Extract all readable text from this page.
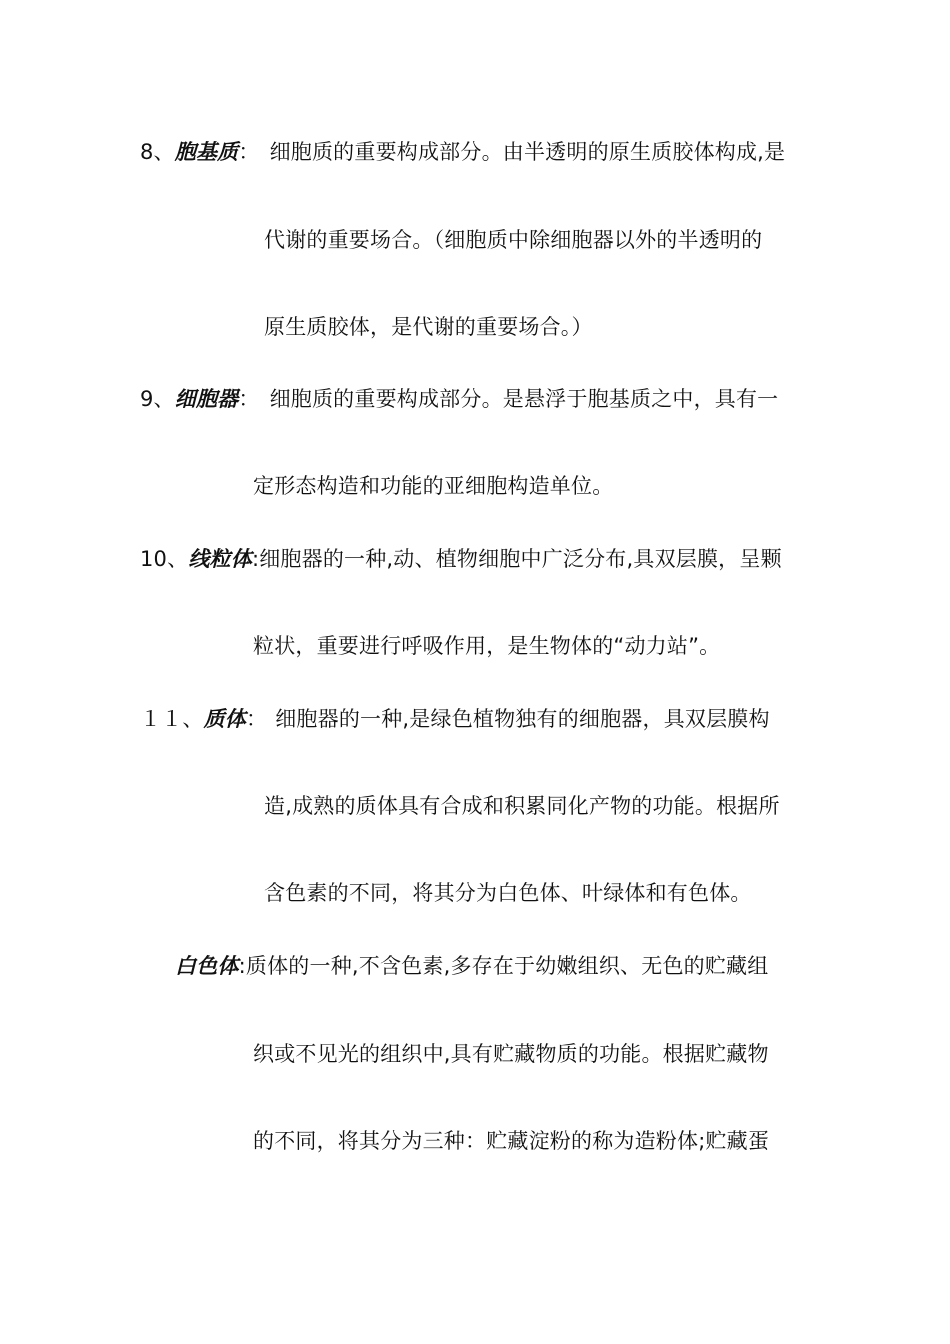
8、胞基质： 细胞质的重要构成部分。由半透明的原生质胶体构成,是
代谢的重要场合。（细胞质中除细胞器以外的半透明的
原生质胶体，是代谢的重要场合。）
9、细胞器： 细胞质的重要构成部分。是悬浮于胞基质之中，具有一
定形态构造和功能的亚细胞构造单位。
10、线粒体:细胞器的一种,动、植物细胞中广泛分布,具双层膜，呈颗
粒状，重要进行呼吸作用，是生物体的“动力站”。
１１、质体： 细胞器的一种,是绿色植物独有的细胞器，具双层膜构
造,成熟的质体具有合成和积累同化产物的功能。根据所
含色素的不同，将其分为白色体、叶绿体和有色体。
白色体:质体的一种,不含色素,多存在于幼嫩组织、无色的贮藏组
织或不见光的组织中,具有贮藏物质的功能。根据贮藏物
的不同，将其分为三种：贮藏淀粉的称为造粉体;贮藏蛋
